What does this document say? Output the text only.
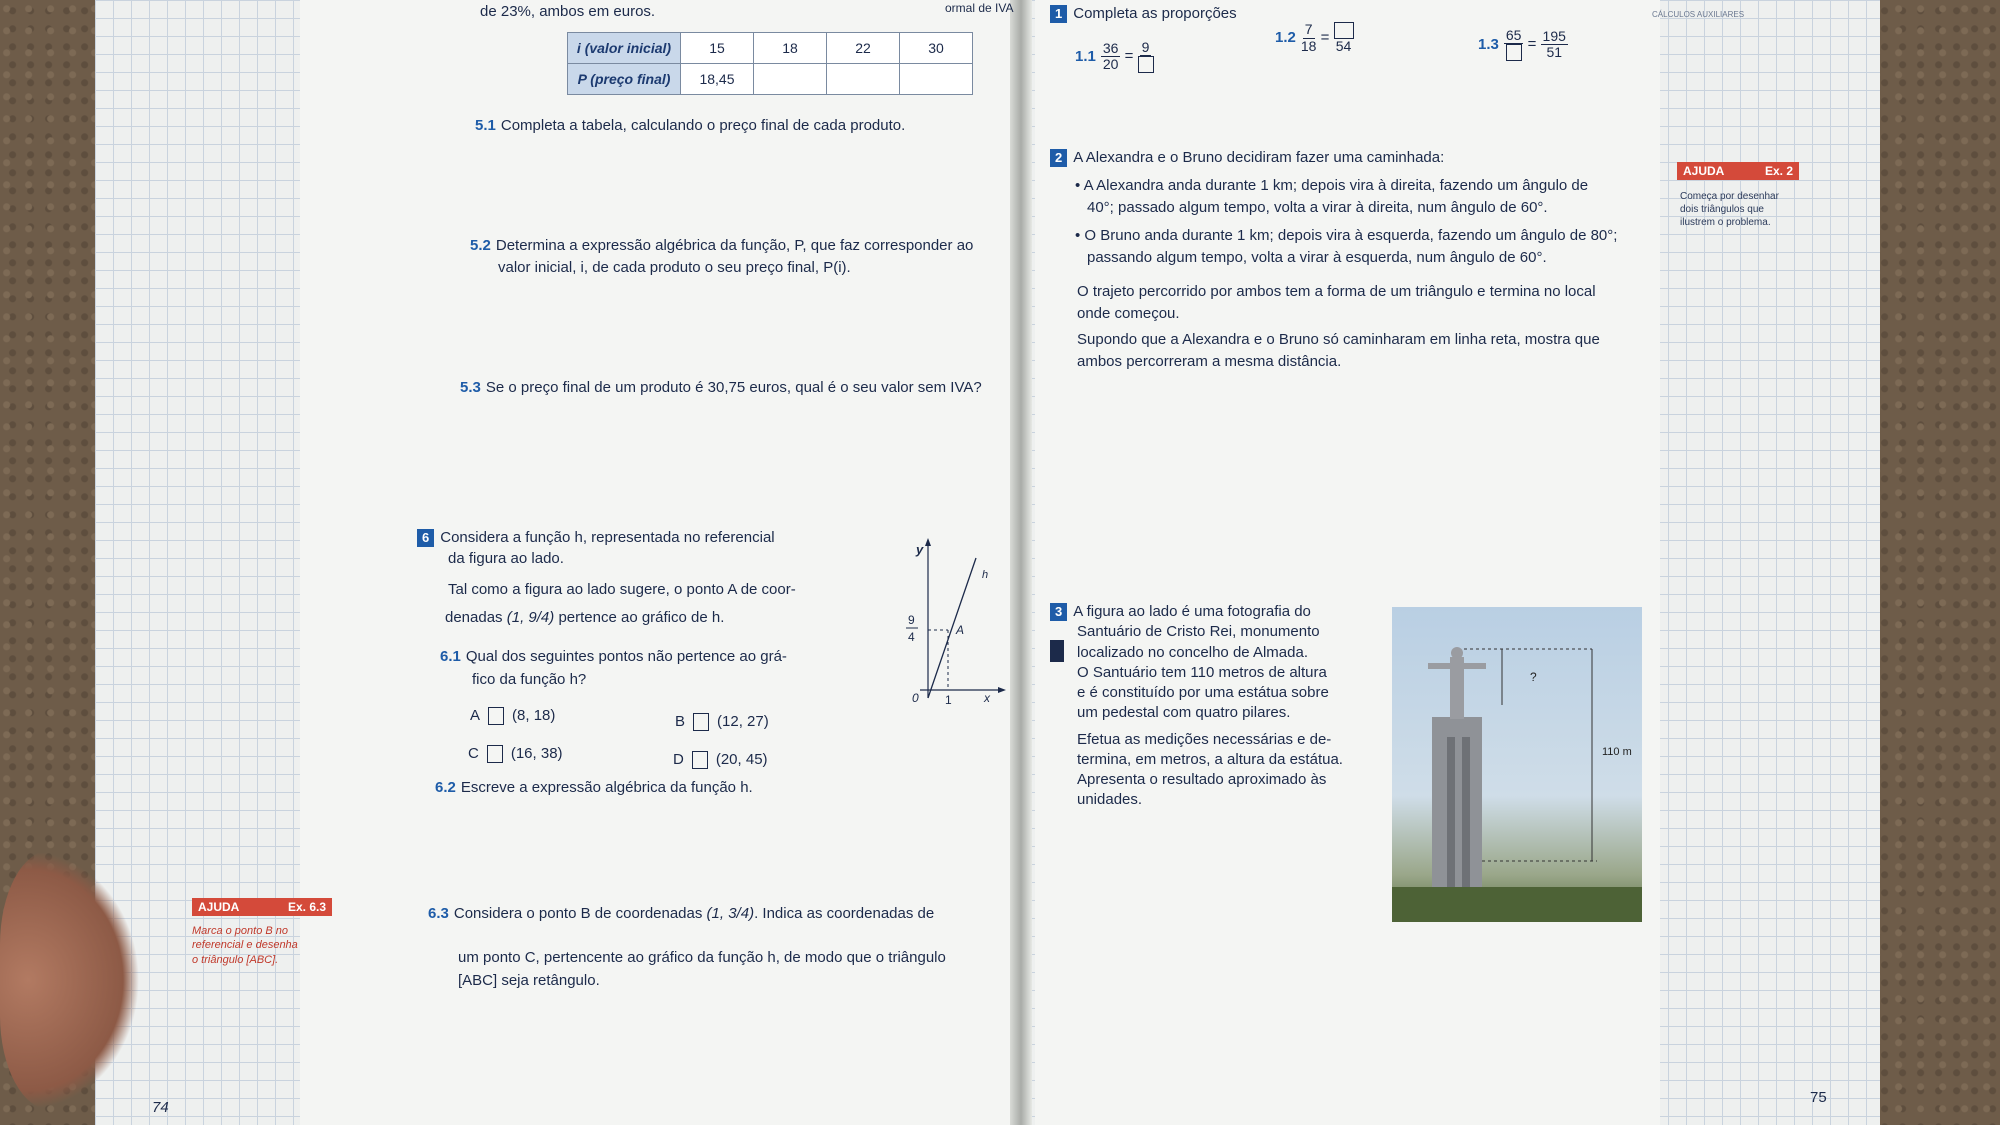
de 23%, ambos em euros.	ormal de IVA
i (valor inicial)	15	18	22	30
P (preço final)	18,45			
5.1 Completa a tabela, calculando o preço final de cada produto.
5.2 Determina a expressão algébrica da função, P, que faz corresponder ao
valor inicial, i, de cada produto o seu preço final, P(i).
5.3 Se o preço final de um produto é 30,75 euros, qual é o seu valor sem IVA?
6 Considera a função h, representada no referencial
da figura ao lado.
Tal como a figura ao lado sugere, o ponto A de coor-
denadas (1, 9/4) pertence ao gráfico de h.
6.1 Qual dos seguintes pontos não pertence ao grá-
fico da função h?
A (8, 18)	B (12, 27)
C (16, 38)	D (20, 45)
6.2 Escreve a expressão algébrica da função h.
y
h
A
9
4
0 1	x
6.3 Considera o ponto B de coordenadas (1, 3/4). Indica as coordenadas de
um ponto C, pertencente ao gráfico da função h, de modo que o triângulo
[ABC] seja retângulo.
AJUDA	Ex. 6.3
Marca o ponto B no
referencial e desenha
o triângulo [ABC].
74
1 Completa as proporções
$1.1 \frac{36}{20}$ =
9
$1.2 \frac{7}{18} = 54$	1.3
65
= $\frac{195}{51}$
CÁLCULOS AUXILIARES
2 A Alexandra e o Bruno decidiram fazer uma caminhada:
• A Alexandra anda durante 1 km; depois vira à direita, fazendo um ângulo de
40°; passado algum tempo, volta a virar à direita, num ângulo de 60°.
• O Bruno anda durante 1 km; depois vira à esquerda, fazendo um ângulo de 80°;
passando algum tempo, volta a virar à esquerda, num ângulo de 60°.
O trajeto percorrido por ambos tem a forma de um triângulo e termina no local
onde começou.
Supondo que a Alexandra e o Bruno só caminharam em linha reta, mostra que
ambos percorreram a mesma distância.
AJUDA	Ex. 2
Começa por desenhar
dois triângulos que
ilustrem o problema.
3 A figura ao lado é uma fotografia do
Santuário de Cristo Rei, monumento
localizado no concelho de Almada.
O Santuário tem 110 metros de altura
e é constituído por uma estátua sobre
um pedestal com quatro pilares.
Efetua as medições necessárias e de-
termina, em metros, a altura da estátua.
Apresenta o resultado aproximado às
unidades.
?
110 m
75
